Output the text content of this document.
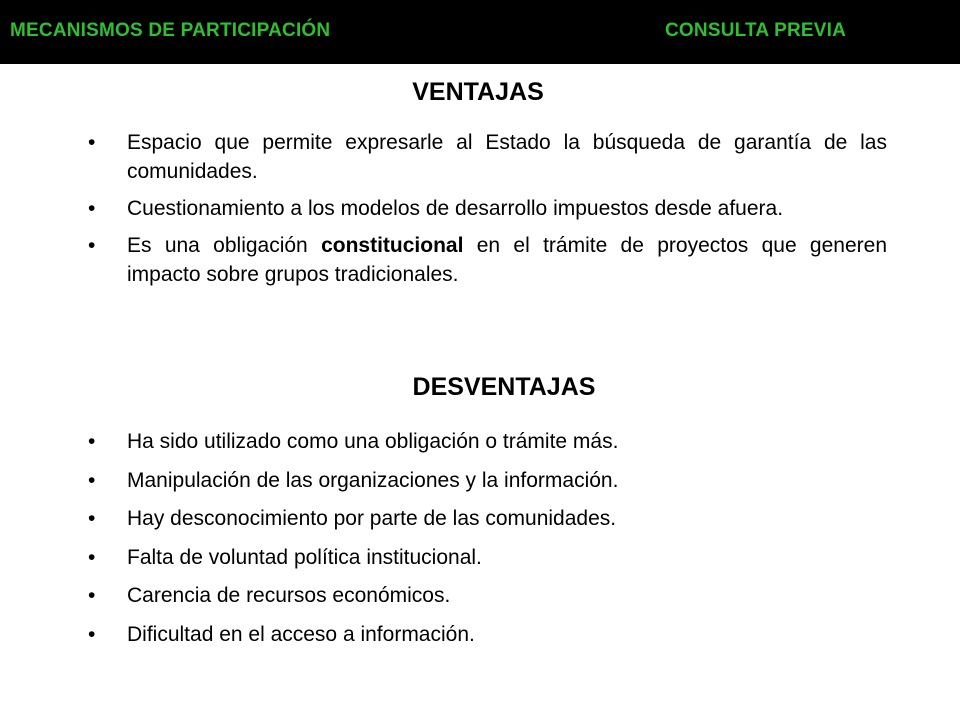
MECANISMOS DE PARTICIPACIÓN	CONSULTA PREVIA
VENTAJAS
• Espacio que permite expresarle al Estado la búsqueda de garantía de las comunidades.
• Cuestionamiento a los modelos de desarrollo impuestos desde afuera.
• Es una obligación constitucional en el trámite de proyectos que generen impacto sobre grupos tradicionales.
DESVENTAJAS
• Ha sido utilizado como una obligación o trámite más.
• Manipulación de las organizaciones y la información.
• Hay desconocimiento por parte de las comunidades.
• Falta de voluntad política institucional.
• Carencia de recursos económicos.
• Dificultad en el acceso a información.
